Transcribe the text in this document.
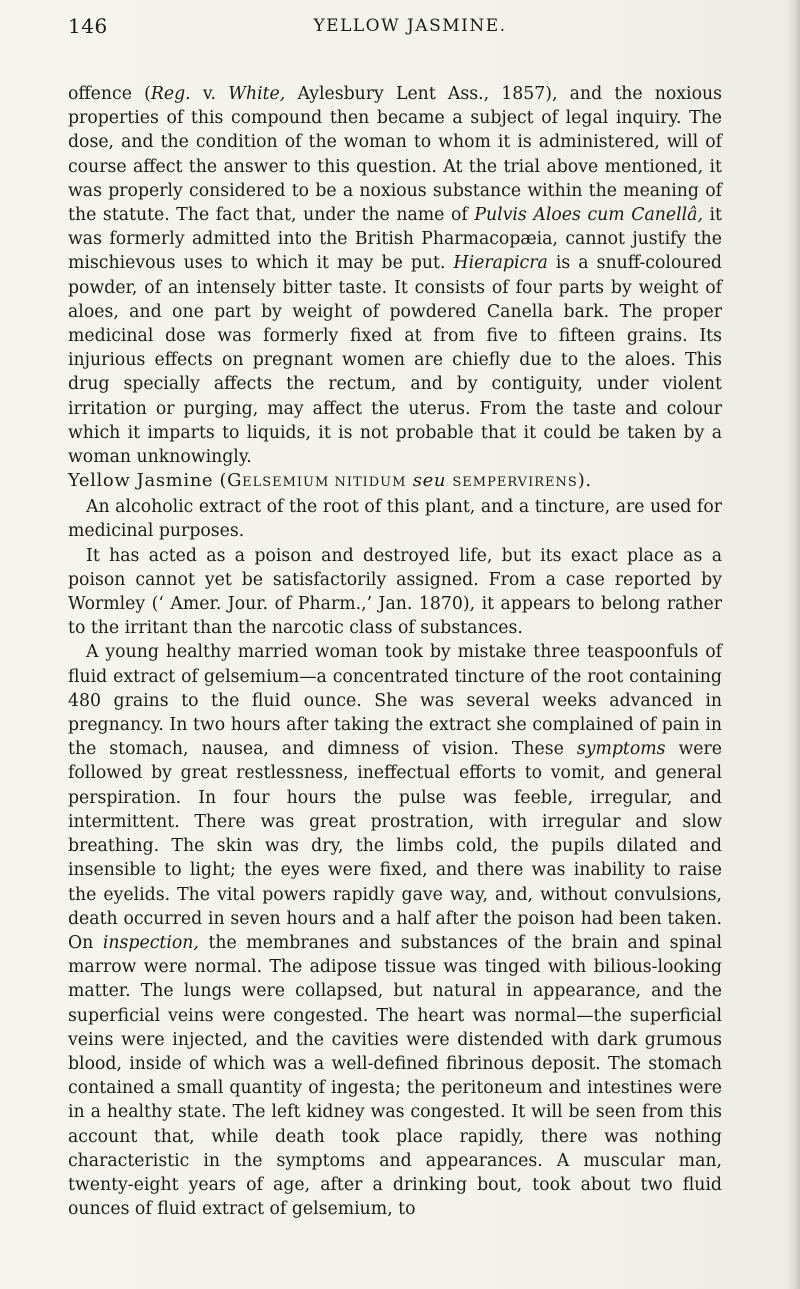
146	YELLOW JASMINE.

offence (Reg. v. White, Aylesbury Lent Ass., 1857), and the noxious properties of this compound then became a subject of legal inquiry. The dose, and the condition of the woman to whom it is administered, will of course affect the answer to this question. At the trial above mentioned, it was properly considered to be a noxious substance within the meaning of the statute. The fact that, under the name of Pulvis Aloes cum Canellâ, it was formerly admitted into the British Pharmacopæia, cannot justify the mischievous uses to which it may be put. Hierapicra is a snuff-coloured powder, of an intensely bitter taste. It consists of four parts by weight of aloes, and one part by weight of powdered Canella bark. The proper medicinal dose was formerly fixed at from five to fifteen grains. Its injurious effects on pregnant women are chiefly due to the aloes. This drug specially affects the rectum, and by contiguity, under violent irritation or purging, may affect the uterus. From the taste and colour which it imparts to liquids, it is not probable that it could be taken by a woman unknowingly.

Yellow Jasmine (GELSEMIUM NITIDUM seu SEMPERVIRENS).

An alcoholic extract of the root of this plant, and a tincture, are used for medicinal purposes.

It has acted as a poison and destroyed life, but its exact place as a poison cannot yet be satisfactorily assigned. From a case reported by Wormley (‘ Amer. Jour. of Pharm.,’ Jan. 1870), it appears to belong rather to the irritant than the narcotic class of substances.

A young healthy married woman took by mistake three teaspoonfuls of fluid extract of gelsemium—a concentrated tincture of the root containing 480 grains to the fluid ounce. She was several weeks advanced in pregnancy. In two hours after taking the extract she complained of pain in the stomach, nausea, and dimness of vision. These symptoms were followed by great restlessness, ineffectual efforts to vomit, and general perspiration. In four hours the pulse was feeble, irregular, and intermittent. There was great prostration, with irregular and slow breathing. The skin was dry, the limbs cold, the pupils dilated and insensible to light; the eyes were fixed, and there was inability to raise the eyelids. The vital powers rapidly gave way, and, without convulsions, death occurred in seven hours and a half after the poison had been taken. On inspection, the membranes and substances of the brain and spinal marrow were normal. The adipose tissue was tinged with bilious-looking matter. The lungs were collapsed, but natural in appearance, and the superficial veins were congested. The heart was normal—the superficial veins were injected, and the cavities were distended with dark grumous blood, inside of which was a well-defined fibrinous deposit. The stomach contained a small quantity of ingesta; the peritoneum and intestines were in a healthy state. The left kidney was congested. It will be seen from this account that, while death took place rapidly, there was nothing characteristic in the symptoms and appearances. A muscular man, twenty-eight years of age, after a drinking bout, took about two fluid ounces of fluid extract of gelsemium, to
